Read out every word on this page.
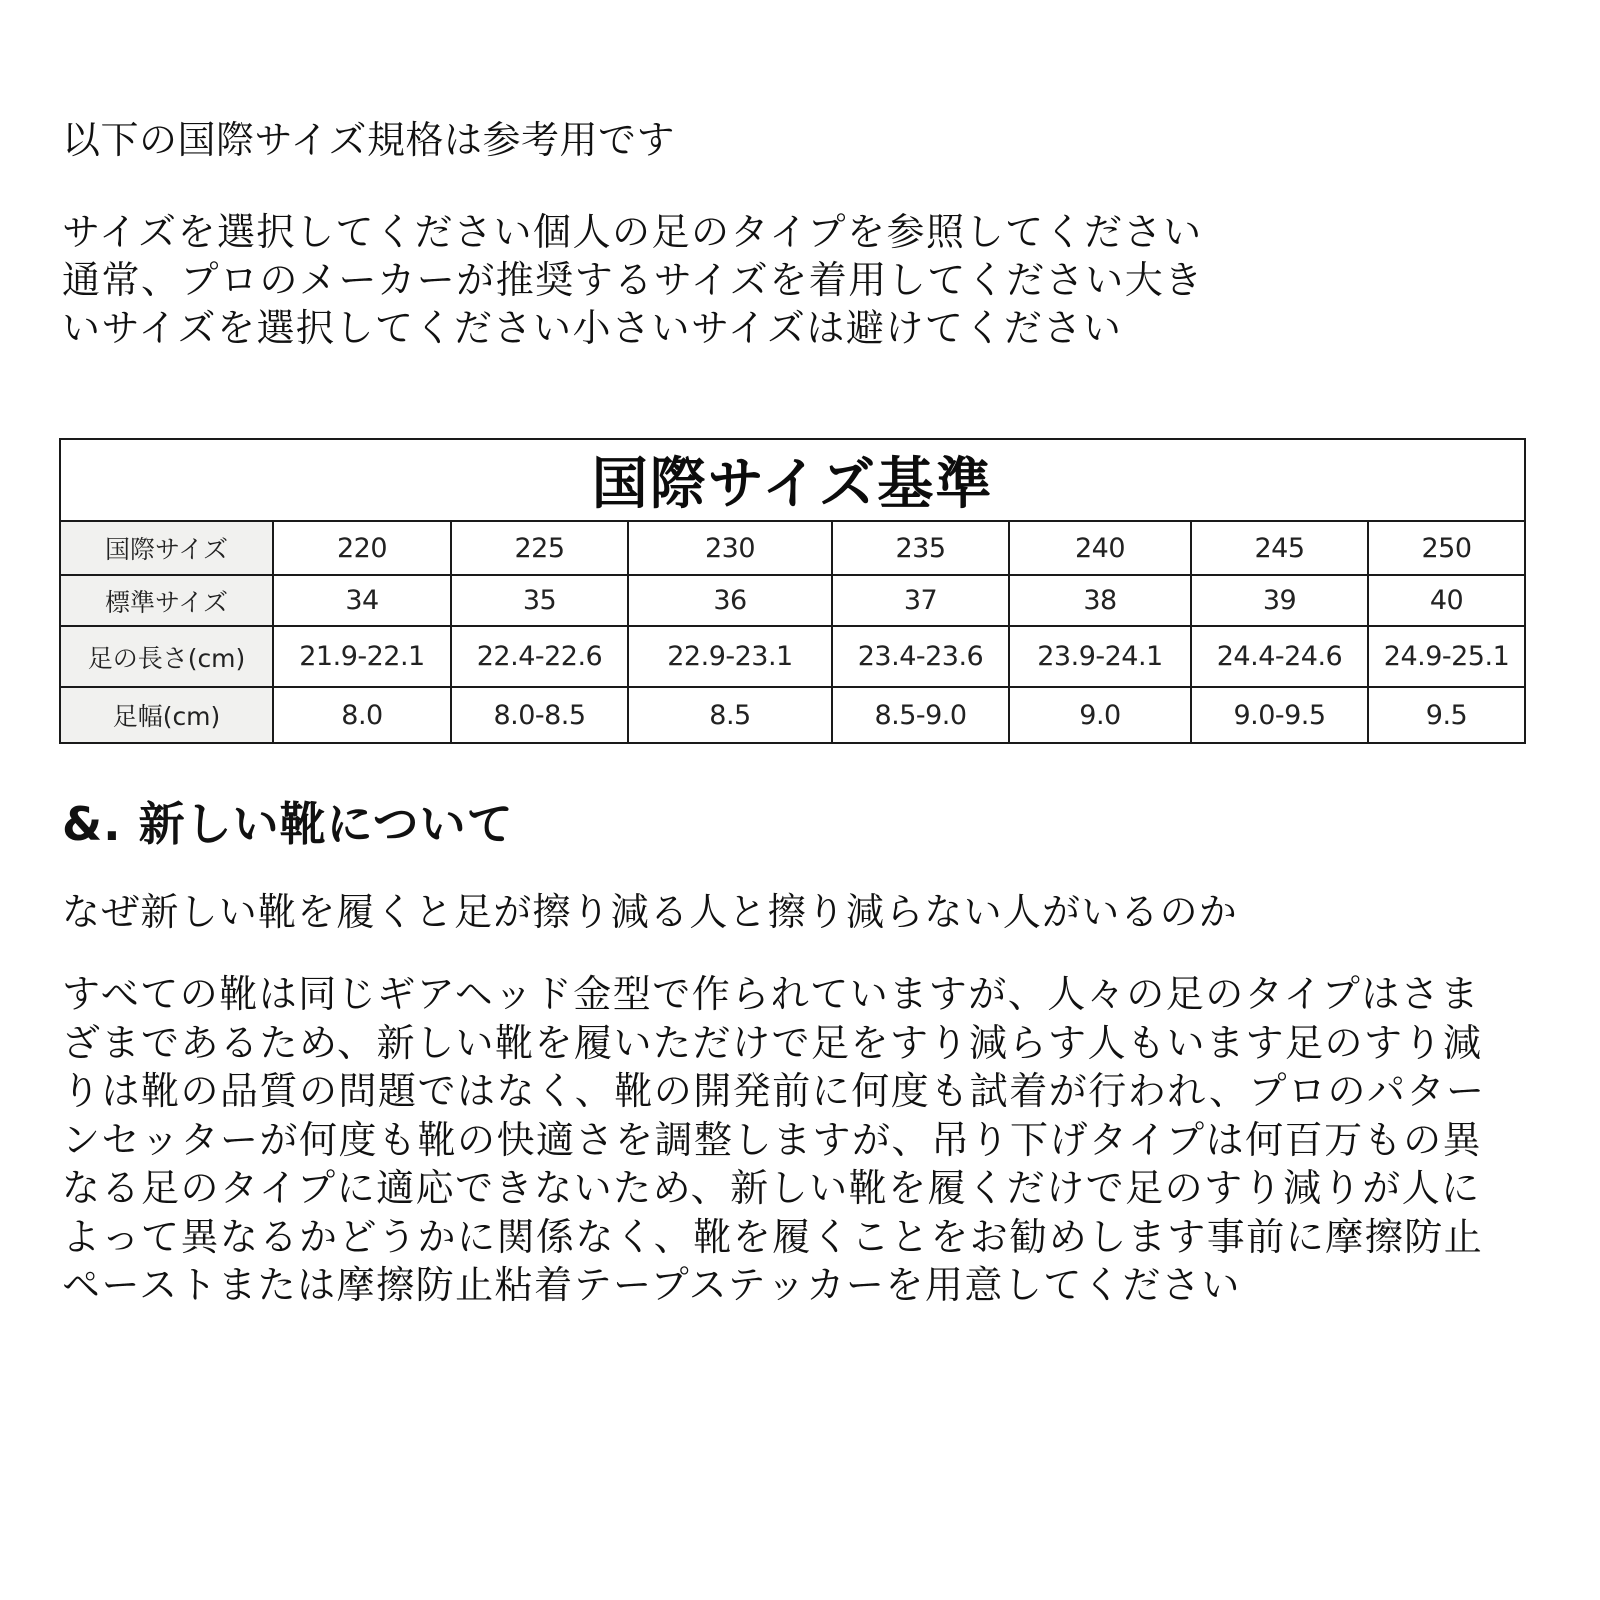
以下の国際サイズ規格は参考用です

サイズを選択してください個人の足のタイプを参照してください
通常、プロのメーカーが推奨するサイズを着用してください大き
いサイズを選択してください小さいサイズは避けてください
国際サイズ基準							
国際サイズ	220	225	230	235	240	245	250
標準サイズ	34	35	36	37	38	39	40
足の長さ(cm)	21.9-22.1	22.4-22.6	22.9-23.1	23.4-23.6	23.9-24.1	24.4-24.6	24.9-25.1
足幅(cm)	8.0	8.0-8.5	8.5	8.5-9.0	9.0	9.0-9.5	9.5
&. 新しい靴について

なぜ新しい靴を履くと足が擦り減る人と擦り減らない人がいるのか

すべての靴は同じギアヘッド金型で作られていますが、人々の足のタイプはさま
ざまであるため、新しい靴を履いただけで足をすり減らす人もいます足のすり減
りは靴の品質の問題ではなく、靴の開発前に何度も試着が行われ、プロのパター
ンセッターが何度も靴の快適さを調整しますが、吊り下げタイプは何百万もの異
なる足のタイプに適応できないため、新しい靴を履くだけで足のすり減りが人に
よって異なるかどうかに関係なく、靴を履くことをお勧めします事前に摩擦防止
ペーストまたは摩擦防止粘着テープステッカーを用意してください
